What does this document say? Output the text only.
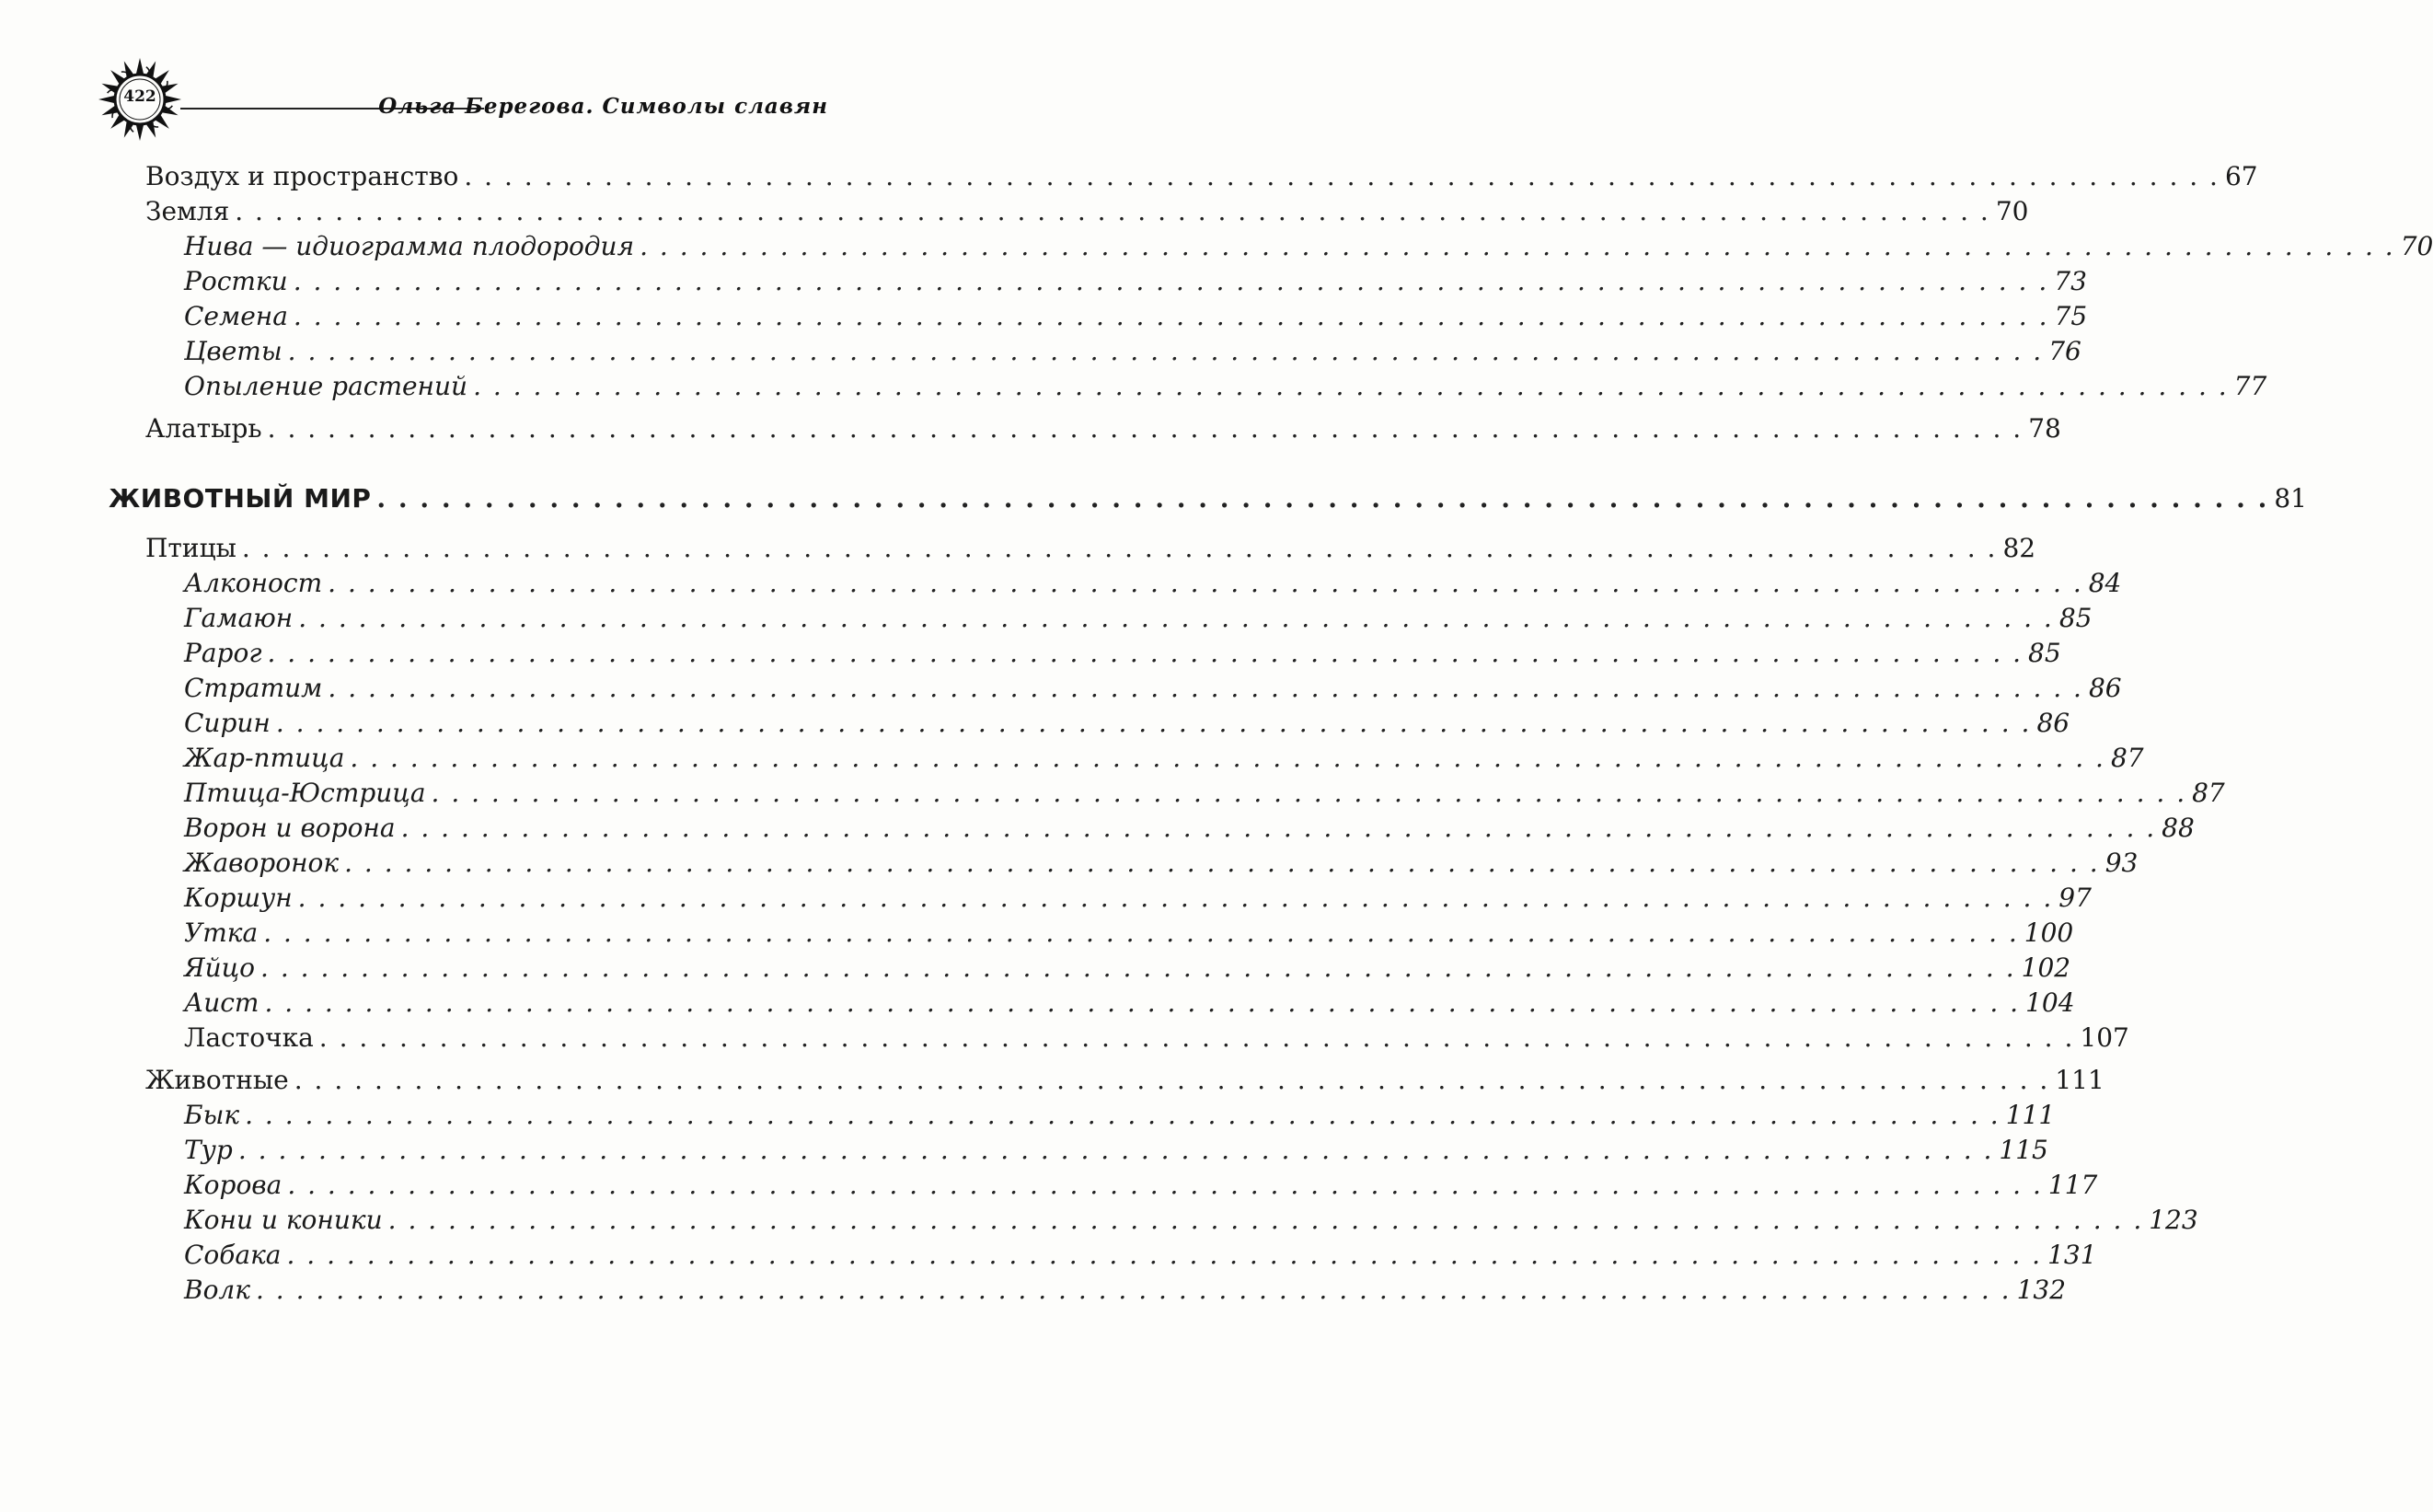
422	Ольга Берегова. Символы славян
Воздух и пространство . . . . . . . . . . . . . . . . . . . . . . . . . . . . . . . . . . . . . . . . . . . . . . . . . . . . . . . . . . . . . . . . . . . . . . . . . . . . . . . . . . . . . . . . 67
Земля . . . . . . . . . . . . . . . . . . . . . . . . . . . . . . . . . . . . . . . . . . . . . . . . . . . . . . . . . . . . . . . . . . . . . . . . . . . . . . . . . . . . . . . . 70
Нива — идиограмма плодородия . . . . . . . . . . . . . . . . . . . . . . . . . . . . . . . . . . . . . . . . . . . . . . . . . . . . . . . . . . . . . . . . . . . . . . . . . . . . . . . . . . . . . . . . 70
Ростки . . . . . . . . . . . . . . . . . . . . . . . . . . . . . . . . . . . . . . . . . . . . . . . . . . . . . . . . . . . . . . . . . . . . . . . . . . . . . . . . . . . . . . . . 73
Семена . . . . . . . . . . . . . . . . . . . . . . . . . . . . . . . . . . . . . . . . . . . . . . . . . . . . . . . . . . . . . . . . . . . . . . . . . . . . . . . . . . . . . . . . 75
Цветы . . . . . . . . . . . . . . . . . . . . . . . . . . . . . . . . . . . . . . . . . . . . . . . . . . . . . . . . . . . . . . . . . . . . . . . . . . . . . . . . . . . . . . . . 76
Опыление растений . . . . . . . . . . . . . . . . . . . . . . . . . . . . . . . . . . . . . . . . . . . . . . . . . . . . . . . . . . . . . . . . . . . . . . . . . . . . . . . . . . . . . . . . 77
Алатырь . . . . . . . . . . . . . . . . . . . . . . . . . . . . . . . . . . . . . . . . . . . . . . . . . . . . . . . . . . . . . . . . . . . . . . . . . . . . . . . . . . . . . . . . 78
ЖИВОТНЫЙ МИР . . . . . . . . . . . . . . . . . . . . . . . . . . . . . . . . . . . . . . . . . . . . . . . . . . . . . . . . . . . . . . . . . . . . . . . . . . . . . . . . . . . . . . . . 81
Птицы . . . . . . . . . . . . . . . . . . . . . . . . . . . . . . . . . . . . . . . . . . . . . . . . . . . . . . . . . . . . . . . . . . . . . . . . . . . . . . . . . . . . . . . . 82
Алконост . . . . . . . . . . . . . . . . . . . . . . . . . . . . . . . . . . . . . . . . . . . . . . . . . . . . . . . . . . . . . . . . . . . . . . . . . . . . . . . . . . . . . . . . 84
Гамаюн . . . . . . . . . . . . . . . . . . . . . . . . . . . . . . . . . . . . . . . . . . . . . . . . . . . . . . . . . . . . . . . . . . . . . . . . . . . . . . . . . . . . . . . . 85
Рарог . . . . . . . . . . . . . . . . . . . . . . . . . . . . . . . . . . . . . . . . . . . . . . . . . . . . . . . . . . . . . . . . . . . . . . . . . . . . . . . . . . . . . . . . 85
Стратим . . . . . . . . . . . . . . . . . . . . . . . . . . . . . . . . . . . . . . . . . . . . . . . . . . . . . . . . . . . . . . . . . . . . . . . . . . . . . . . . . . . . . . . . 86
Сирин . . . . . . . . . . . . . . . . . . . . . . . . . . . . . . . . . . . . . . . . . . . . . . . . . . . . . . . . . . . . . . . . . . . . . . . . . . . . . . . . . . . . . . . . 86
Жар-птица . . . . . . . . . . . . . . . . . . . . . . . . . . . . . . . . . . . . . . . . . . . . . . . . . . . . . . . . . . . . . . . . . . . . . . . . . . . . . . . . . . . . . . . . 87
Птица-Юстрица . . . . . . . . . . . . . . . . . . . . . . . . . . . . . . . . . . . . . . . . . . . . . . . . . . . . . . . . . . . . . . . . . . . . . . . . . . . . . . . . . . . . . . . . 87
Ворон и ворона . . . . . . . . . . . . . . . . . . . . . . . . . . . . . . . . . . . . . . . . . . . . . . . . . . . . . . . . . . . . . . . . . . . . . . . . . . . . . . . . . . . . . . . . 88
Жаворонок . . . . . . . . . . . . . . . . . . . . . . . . . . . . . . . . . . . . . . . . . . . . . . . . . . . . . . . . . . . . . . . . . . . . . . . . . . . . . . . . . . . . . . . . 93
Коршун . . . . . . . . . . . . . . . . . . . . . . . . . . . . . . . . . . . . . . . . . . . . . . . . . . . . . . . . . . . . . . . . . . . . . . . . . . . . . . . . . . . . . . . . 97
Утка . . . . . . . . . . . . . . . . . . . . . . . . . . . . . . . . . . . . . . . . . . . . . . . . . . . . . . . . . . . . . . . . . . . . . . . . . . . . . . . . . . . . . . . . 100
Яйцо . . . . . . . . . . . . . . . . . . . . . . . . . . . . . . . . . . . . . . . . . . . . . . . . . . . . . . . . . . . . . . . . . . . . . . . . . . . . . . . . . . . . . . . . 102
Аист . . . . . . . . . . . . . . . . . . . . . . . . . . . . . . . . . . . . . . . . . . . . . . . . . . . . . . . . . . . . . . . . . . . . . . . . . . . . . . . . . . . . . . . . 104
Ласточка . . . . . . . . . . . . . . . . . . . . . . . . . . . . . . . . . . . . . . . . . . . . . . . . . . . . . . . . . . . . . . . . . . . . . . . . . . . . . . . . . . . . . . . . 107
Животные . . . . . . . . . . . . . . . . . . . . . . . . . . . . . . . . . . . . . . . . . . . . . . . . . . . . . . . . . . . . . . . . . . . . . . . . . . . . . . . . . . . . . . . . 111
Бык . . . . . . . . . . . . . . . . . . . . . . . . . . . . . . . . . . . . . . . . . . . . . . . . . . . . . . . . . . . . . . . . . . . . . . . . . . . . . . . . . . . . . . . . 111
Тур . . . . . . . . . . . . . . . . . . . . . . . . . . . . . . . . . . . . . . . . . . . . . . . . . . . . . . . . . . . . . . . . . . . . . . . . . . . . . . . . . . . . . . . . 115
Корова . . . . . . . . . . . . . . . . . . . . . . . . . . . . . . . . . . . . . . . . . . . . . . . . . . . . . . . . . . . . . . . . . . . . . . . . . . . . . . . . . . . . . . . . 117
Кони и коники . . . . . . . . . . . . . . . . . . . . . . . . . . . . . . . . . . . . . . . . . . . . . . . . . . . . . . . . . . . . . . . . . . . . . . . . . . . . . . . . . . . . . . . . 123
Собака . . . . . . . . . . . . . . . . . . . . . . . . . . . . . . . . . . . . . . . . . . . . . . . . . . . . . . . . . . . . . . . . . . . . . . . . . . . . . . . . . . . . . . . . 131
Волк . . . . . . . . . . . . . . . . . . . . . . . . . . . . . . . . . . . . . . . . . . . . . . . . . . . . . . . . . . . . . . . . . . . . . . . . . . . . . . . . . . . . . . . . 132
